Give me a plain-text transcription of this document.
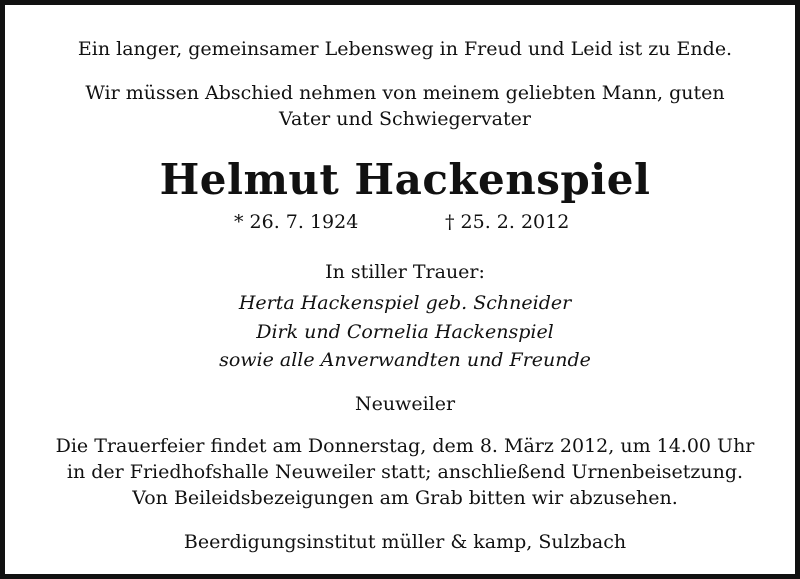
Ein langer, gemeinsamer Lebensweg in Freud und Leid ist zu Ende.
Wir müssen Abschied nehmen von meinem geliebten Mann, guten
Vater und Schwiegervater
Helmut Hackenspiel
* 26. 7. 1924	† 25. 2. 2012
In stiller Trauer:
Herta Hackenspiel geb. Schneider
Dirk und Cornelia Hackenspiel
sowie alle Anverwandten und Freunde
Neuweiler
Die Trauerfeier findet am Donnerstag, dem 8. März 2012, um 14.00 Uhr
in der Friedhofshalle Neuweiler statt; anschließend Urnenbeisetzung.
Von Beileidsbezeigungen am Grab bitten wir abzusehen.
Beerdigungsinstitut müller & kamp, Sulzbach
